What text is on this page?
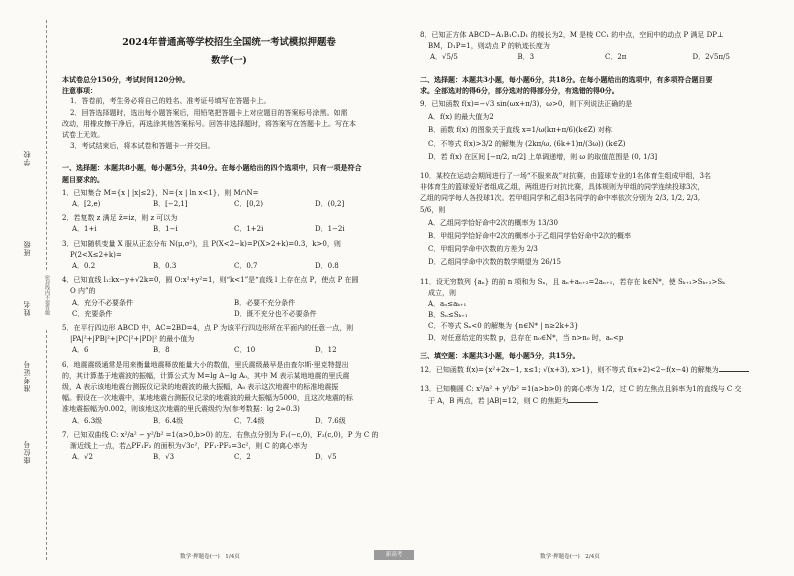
学校
班级
姓名
准考证号
座位号
密封线内不要答题
2024年普通高等学校招生全国统一考试模拟押题卷
数学(一)
本试卷总分150分，考试时间120分钟。
注意事项：
1．答卷前，考生务必将自己的姓名、准考证号填写在答题卡上。
2．回答选择题时，选出每小题答案后，用铅笔把答题卡上对应题目的答案标号涂黑。如需
改动，用橡皮擦干净后，再选涂其他答案标号。回答非选择题时，将答案写在答题卡上。写在本
试卷上无效。
3．考试结束后，将本试卷和答题卡一并交回。
一、选择题：本题共8小题，每小题5分，共40分。在每小题给出的四个选项中，只有一项是符合
题目要求的。
1．已知集合 M={x | |x|≤2}，N={x | ln x<1}，则 M∩N=
A．[2,e)	B．[−2,1]	C．[0,2)	D．(0,2]
2．若复数 z 满足 z̄=iz，则 z 可以为
A．1+i	B．1−i	C．1+2i	D．1−2i
3．已知随机变量 X 服从正态分布 N(μ,σ²)，且 P(X<2−k)=P(X>2+k)=0.3，k>0，则
P(2<X≤2+k)=
A．0.2	B．0.3	C．0.7	D．0.8
4．已知直线 l₁:kx−y+√2k=0，圆 O:x²+y²=1，则“k<1”是“直线 l 上存在点 P，使点 P 在圆
O 内”的
A．充分不必要条件	B．必要不充分条件
C．充要条件	D．既不充分也不必要条件
5．在平行四边形 ABCD 中，AC=2BD=4，点 P 为该平行四边形所在平面内的任意一点，则
|PA|²+|PB|²+|PC|²+|PD|² 的最小值为
A．6	B．8	C．10	D．12
6．地震震级通常是用来衡量地震释放能量大小的数值，里氏震级最早是由查尔斯·里克特提出
的，其计算基于地震波的振幅，计算公式为 M=lg A−lg A₀，其中 M 表示某地地震的里氏震
级，A 表示该地地震台测振仪记录的地震波的最大振幅，A₀ 表示这次地震中的标准地震振
幅。假设在一次地震中，某地地震台测振仪记录的地震波的最大振幅为5000，且这次地震的标
准地震振幅为0.002，则该地这次地震的里氏震级约为(参考数据：lg 2≈0.3)
A．6.3级	B．6.4级	C．7.4级	D．7.6级
7．已知双曲线 C: x²/a² − y²/b² =1(a>0,b>0) 的左、右焦点分别为 F₁(−c,0)，F₂(c,0)，P 为 C 的
渐近线上一点，若△PF₁F₂ 的面积为√3c²，PF₁·PF₂=3c²，则 C 的离心率为
A．√2	B．√3	C．2	D．√5
数学·押题卷(一)　1/4页	新高考
8．已知正方体 ABCD−A₁B₁C₁D₁ 的棱长为2，M 是棱 CC₁ 的中点，空间中的动点 P 满足 DP⊥
BM，D₁P=1，则动点 P 的轨迹长度为
A．√5/5	B．3	C．2π	D．2√5π/5
二、选择题：本题共3小题，每小题6分，共18分。在每小题给出的选项中，有多项符合题目要
求。全部选对的得6分，部分选对的得部分分，有选错的得0分。
9．已知函数 f(x)=−√3 sin(ωx+π/3)，ω>0，则下列说法正确的是
A．f(x) 的最大值为2
B．函数 f(x) 的图象关于直线 x=1/ω(kπ+π/6)(k∈Z) 对称
C．不等式 f(x)>3/2 的解集为 (2kπ/ω, (6k+1)π/(3ω)) (k∈Z)
D．若 f(x) 在区间 [−π/2, π/2] 上单调递增，则 ω 的取值范围是 (0, 1/3]
10．某校在运动会期间进行了一场“不服来战”对抗赛，由篮球专业的1名体育生组成甲组，3名
非体育生的篮球爱好者组成乙组，两组进行对抗比赛，具体规则为甲组的同学连续投球3次，
乙组的同学每人各投球1次。若甲组同学和乙组3名同学的命中率依次分别为 2/3, 1/2, 2/3,
5/6，则
A．乙组同学恰好命中2次的概率为 13/30
B．甲组同学恰好命中2次的概率小于乙组同学恰好命中2次的概率
C．甲组同学命中次数的方差为 2/3
D．乙组同学命中次数的数学期望为 26/15
11．设无穷数列 {aₙ} 的前 n 项和为 Sₙ，且 aₙ+aₙ₊₂=2aₙ₊₁，若存在 k∈N*，使 Sₖ₊₁>Sₖ₊₂>Sₖ
成立，则
A．aₙ≤aₖ₊₁
B．Sₙ≤Sₖ₊₁
C．不等式 Sₙ<0 的解集为 {n∈N* | n≥2k+3}
D．对任意给定的实数 p，总存在 n₀∈N*，当 n>n₀ 时，aₙ<p
三、填空题：本题共3小题，每小题5分，共15分。
12．已知函数 f(x)={x²+2x−1, x≤1; √(x+3), x>1}，则不等式 f(x+2)<2−f(x−4) 的解集为
13．已知椭圆 C: x²/a² + y²/b² =1(a>b>0) 的离心率为 1/2，过 C 的左焦点且斜率为1的直线与 C 交
于 A，B 两点，若 |AB|=12，则 C 的焦距为
数学·押题卷(一)　2/4页
